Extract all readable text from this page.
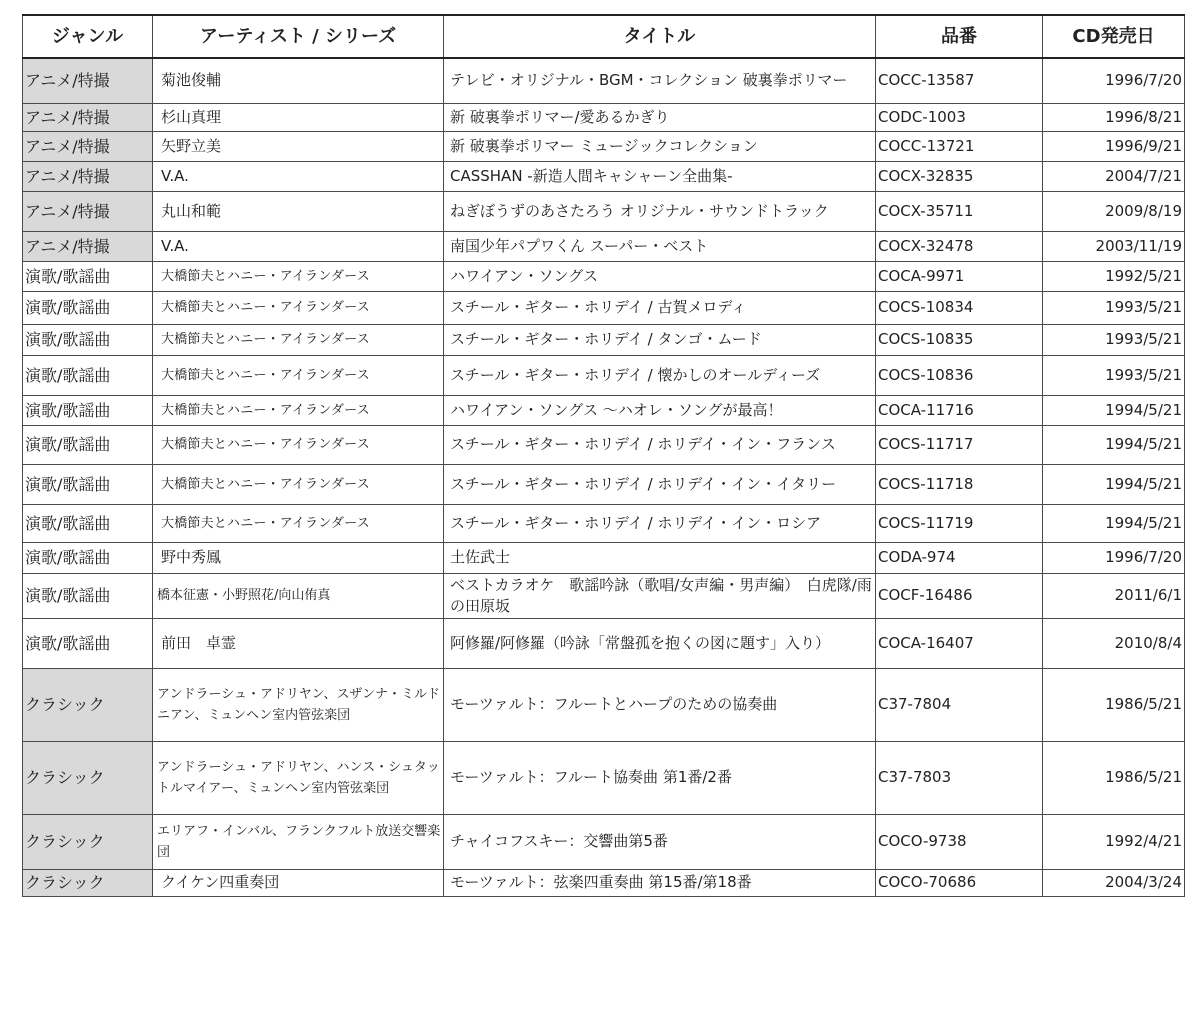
ジャンル	アーティスト / シリーズ	タイトル	品番	CD発売日
アニメ/特撮	菊池俊輔	テレビ・オリジナル・BGM・コレクション 破裏拳ポリマー	COCC-13587	1996/7/20
アニメ/特撮	杉山真理	新 破裏拳ポリマー/愛あるかぎり	CODC-1003	1996/8/21
アニメ/特撮	矢野立美	新 破裏拳ポリマー ミュージックコレクション	COCC-13721	1996/9/21
アニメ/特撮	V.A.	CASSHAN -新造人間キャシャーン全曲集-	COCX-32835	2004/7/21
アニメ/特撮	丸山和範	ねぎぼうずのあさたろう オリジナル・サウンドトラック	COCX-35711	2009/8/19
アニメ/特撮	V.A.	南国少年パプワくん スーパー・ベスト	COCX-32478	2003/11/19
演歌/歌謡曲	大橋節夫とハニー・アイランダース	ハワイアン・ソングス	COCA-9971	1992/5/21
演歌/歌謡曲	大橋節夫とハニー・アイランダース	スチール・ギター・ホリデイ / 古賀メロディ	COCS-10834	1993/5/21
演歌/歌謡曲	大橋節夫とハニー・アイランダース	スチール・ギター・ホリデイ / タンゴ・ムード	COCS-10835	1993/5/21
演歌/歌謡曲	大橋節夫とハニー・アイランダース	スチール・ギター・ホリデイ / 懐かしのオールディーズ	COCS-10836	1993/5/21
演歌/歌謡曲	大橋節夫とハニー・アイランダース	ハワイアン・ソングス 〜ハオレ・ソングが最高！	COCA-11716	1994/5/21
演歌/歌謡曲	大橋節夫とハニー・アイランダース	スチール・ギター・ホリデイ / ホリデイ・イン・フランス	COCS-11717	1994/5/21
演歌/歌謡曲	大橋節夫とハニー・アイランダース	スチール・ギター・ホリデイ / ホリデイ・イン・イタリー	COCS-11718	1994/5/21
演歌/歌謡曲	大橋節夫とハニー・アイランダース	スチール・ギター・ホリデイ / ホリデイ・イン・ロシア	COCS-11719	1994/5/21
演歌/歌謡曲	野中秀鳳	土佐武士	CODA-974	1996/7/20
演歌/歌謡曲	橋本征憲・小野照花/向山侑真	ベストカラオケ　歌謡吟詠（歌唱/女声編・男声編）　白虎隊/雨の田原坂	COCF-16486	2011/6/1
演歌/歌謡曲	前田　卓霊	阿修羅/阿修羅（吟詠「常盤孤を抱くの図に題す」入り）	COCA-16407	2010/8/4
クラシック	アンドラーシュ・アドリヤン、スザンナ・ミルドニアン、ミュンヘン室内管弦楽団	モーツァルト：フルートとハープのための協奏曲	C37-7804	1986/5/21
クラシック	アンドラーシュ・アドリヤン、ハンス・シュタットルマイアー、ミュンヘン室内管弦楽団	モーツァルト：フルート協奏曲 第1番/2番	C37-7803	1986/5/21
クラシック	エリアフ・インバル、フランクフルト放送交響楽団	チャイコフスキー：交響曲第5番	COCO-9738	1992/4/21
クラシック	クイケン四重奏団	モーツァルト：弦楽四重奏曲 第15番/第18番	COCO-70686	2004/3/24
